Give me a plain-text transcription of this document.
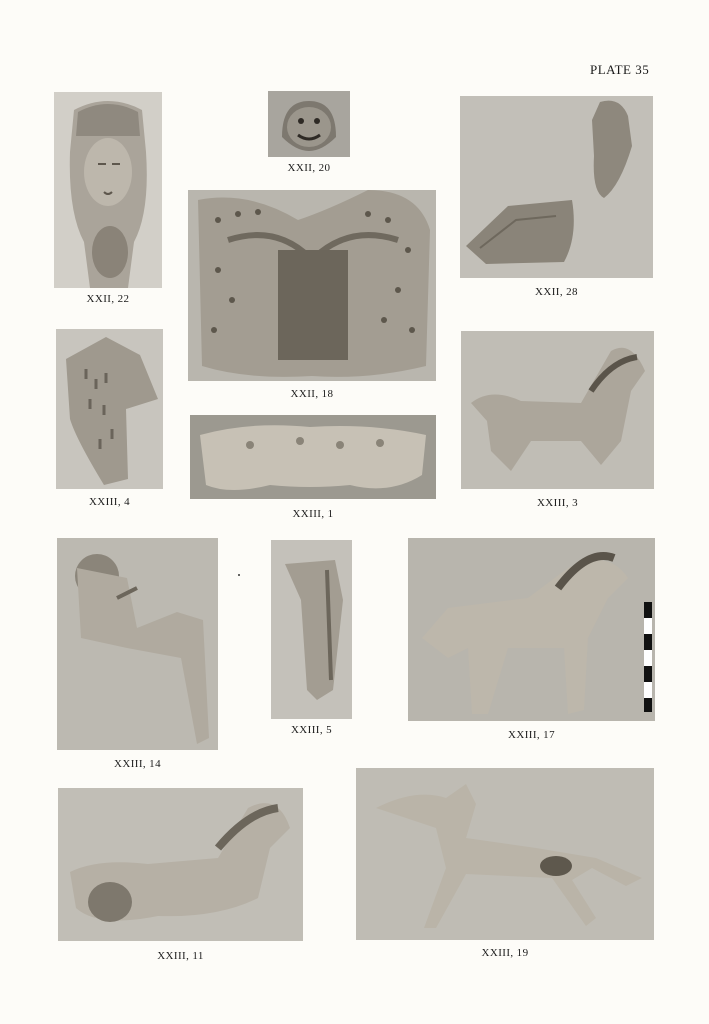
PLATE 35
XXII, 22
XXII, 20
XXII, 28
XXII, 18
XXIII, 4
XXIII, 1
XXIII, 3
XXIII, 14
XXIII, 5	XXIII, 17
XXIII, 11	XXIII, 19
